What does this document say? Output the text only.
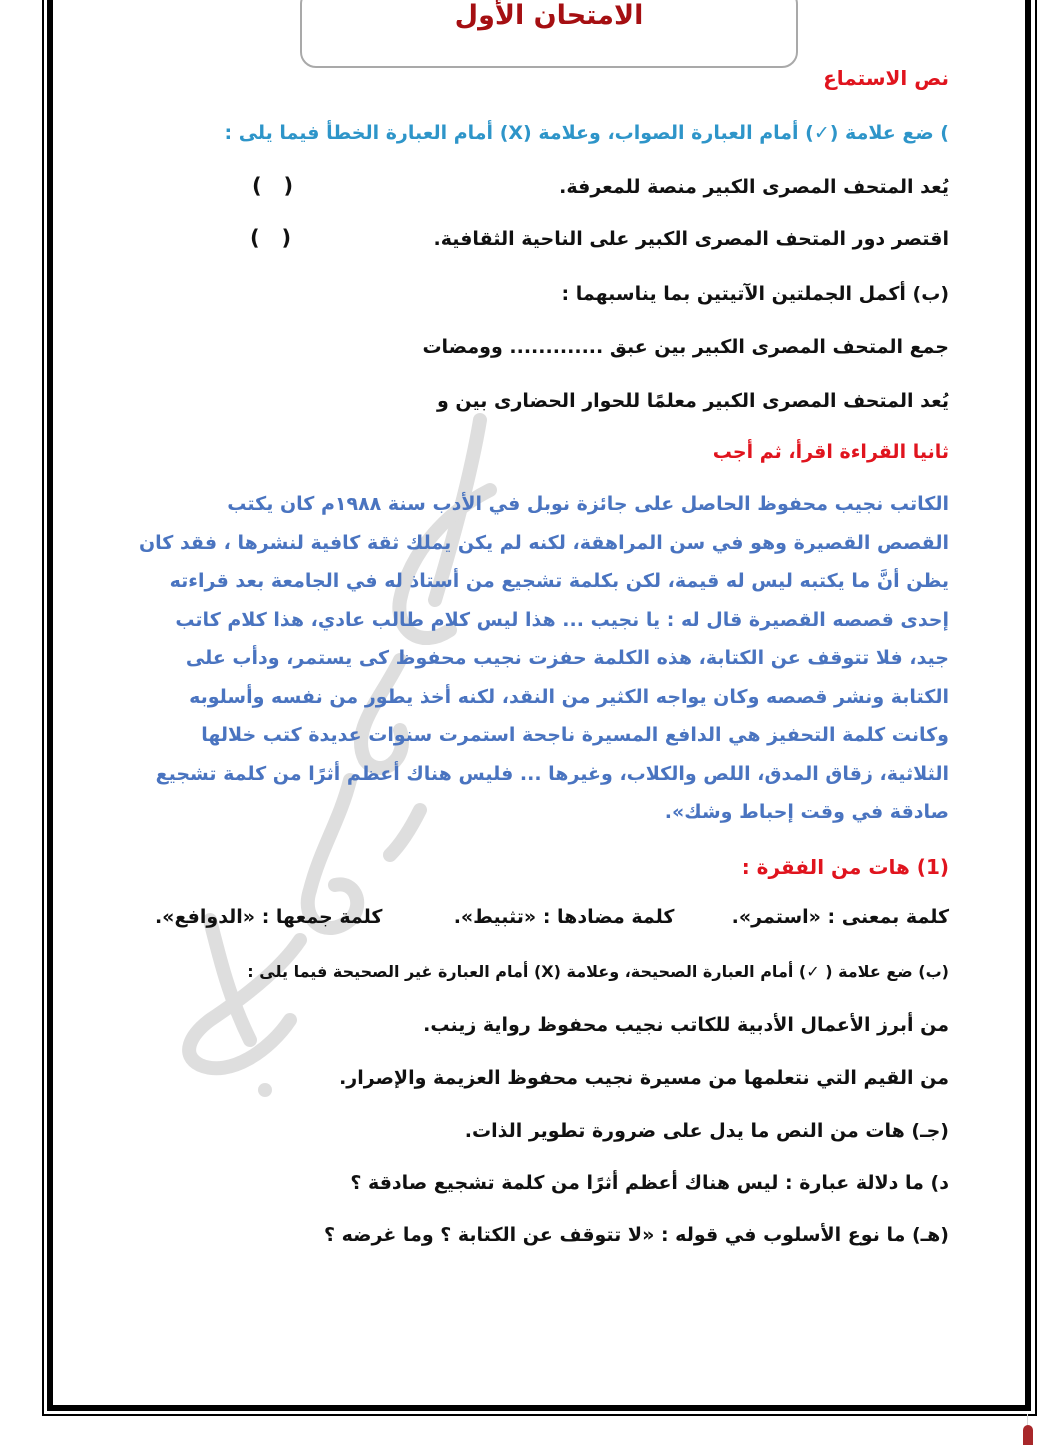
الامتحان الأول
نص الاستماع
) ضع علامة (✓) أمام العبارة الصواب، وعلامة (X) أمام العبارة الخطأ فيما يلى :
يُعد المتحف المصرى الكبير منصة للمعرفة.
(   )
اقتصر دور المتحف المصرى الكبير على الناحية الثقافية.
(   )
(ب) أكمل الجملتين الآتيتين بما يناسبهما :
جمع المتحف المصرى الكبير بين عبق ............. وومضات
يُعد المتحف المصرى الكبير معلمًا للحوار الحضارى بين و
ثانيا القراءة اقرأ، ثم أجب
الكاتب نجيب محفوظ الحاصل على جائزة نوبل في الأدب سنة ١٩٨٨م كان يكتب
القصص القصيرة وهو في سن المراهقة، لكنه لم يكن يملك ثقة كافية لنشرها ، فقد كان
يظن أنَّ ما يكتبه ليس له قيمة، لكن بكلمة تشجيع من أستاذ له في الجامعة بعد قراءته
إحدى قصصه القصيرة قال له : يا نجيب ... هذا ليس كلام طالب عادي، هذا كلام كاتب
جيد، فلا تتوقف عن الكتابة، هذه الكلمة حفزت نجيب محفوظ كى يستمر، ودأب على
الكتابة ونشر قصصه وكان يواجه الكثير من النقد، لكنه أخذ يطور من نفسه وأسلوبه
وكانت كلمة التحفيز هي الدافع المسيرة ناجحة استمرت سنوات عديدة كتب خلالها
الثلاثية، زقاق المدق، اللص والكلاب، وغيرها ... فليس هناك أعظم أثرًا من كلمة تشجيع
صادقة في وقت إحباط وشك».
(1) هات من الفقرة :
كلمة بمعنى : «استمر».  كلمة مضادها : «تثبيط».  كلمة جمعها : «الدوافع».
(ب) ضع علامة ( ✓) أمام العبارة الصحيحة، وعلامة (X) أمام العبارة غير الصحيحة فيما يلى :
من أبرز الأعمال الأدبية للكاتب نجيب محفوظ رواية زينب.
من القيم التي نتعلمها من مسيرة نجيب محفوظ العزيمة والإصرار.
(جـ) هات من النص ما يدل على ضرورة تطوير الذات.
د) ما دلالة عبارة : ليس هناك أعظم أثرًا من كلمة تشجيع صادقة ؟
(هـ) ما نوع الأسلوب في قوله : «لا تتوقف عن الكتابة ؟ وما غرضه ؟
